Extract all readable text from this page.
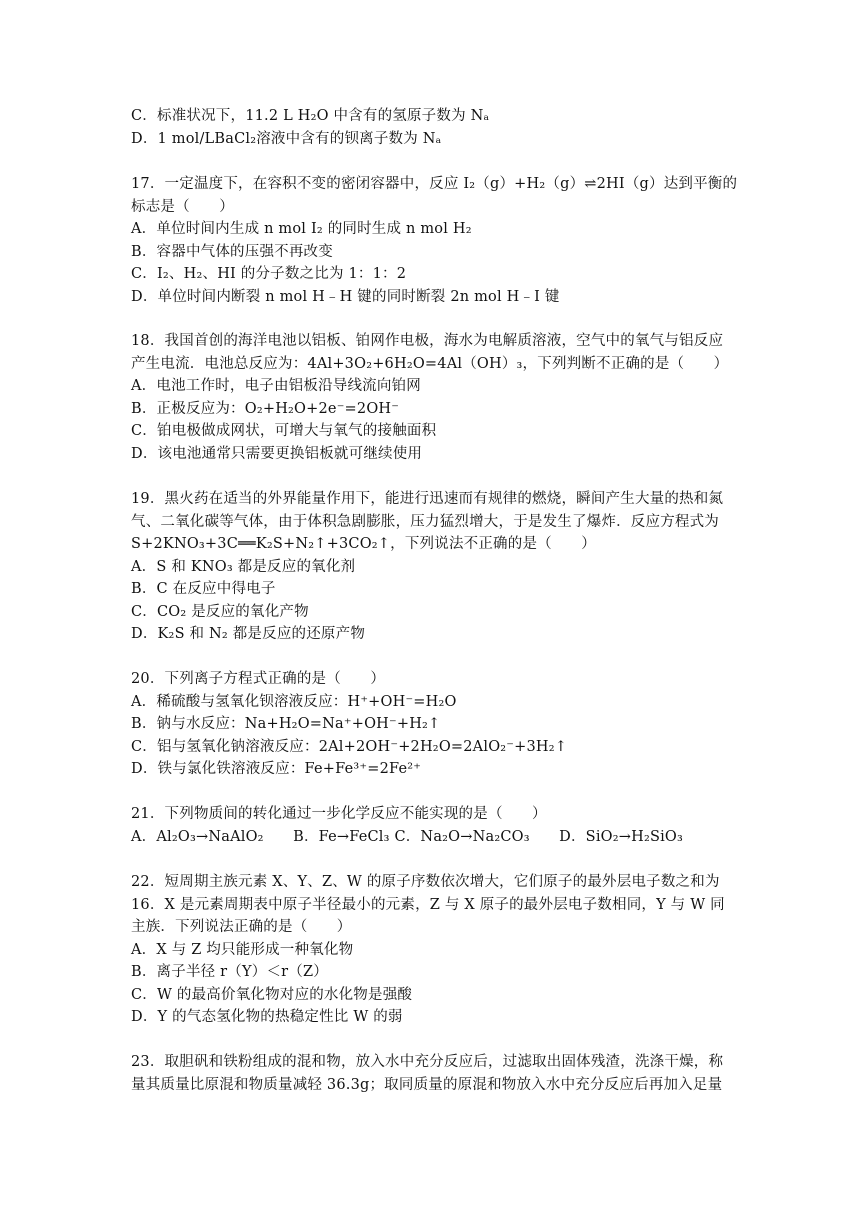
C．标准状况下，11.2 L H₂O 中含有的氢原子数为 Nₐ
D．1 mol/LBaCl₂溶液中含有的钡离子数为 Nₐ
17．一定温度下，在容积不变的密闭容器中，反应 I₂（g）+H₂（g）⇌2HI（g）达到平衡的
标志是（　　）
A．单位时间内生成 n mol I₂ 的同时生成 n mol H₂
B．容器中气体的压强不再改变
C．I₂、H₂、HI 的分子数之比为 1：1：2
D．单位时间内断裂 n mol H﹣H 键的同时断裂 2n mol H﹣I 键
18．我国首创的海洋电池以铝板、铂网作电极，海水为电解质溶液，空气中的氧气与铝反应
产生电流．电池总反应为：4Al+3O₂+6H₂O=4Al（OH）₃，下列判断不正确的是（　　）
A．电池工作时，电子由铝板沿导线流向铂网
B．正极反应为：O₂+H₂O+2e⁻=2OH⁻
C．铂电极做成网状，可增大与氧气的接触面积
D．该电池通常只需要更换铝板就可继续使用
19．黑火药在适当的外界能量作用下，能进行迅速而有规律的燃烧，瞬间产生大量的热和氮
气、二氧化碳等气体，由于体积急剧膨胀，压力猛烈增大，于是发生了爆炸．反应方程式为
S+2KNO₃+3C══K₂S+N₂↑+3CO₂↑，下列说法不正确的是（　　）
A．S 和 KNO₃ 都是反应的氧化剂
B．C 在反应中得电子
C．CO₂ 是反应的氧化产物
D．K₂S 和 N₂ 都是反应的还原产物
20．下列离子方程式正确的是（　　）
A．稀硫酸与氢氧化钡溶液反应：H⁺+OH⁻=H₂O
B．钠与水反应：Na+H₂O=Na⁺+OH⁻+H₂↑
C．铝与氢氧化钠溶液反应：2Al+2OH⁻+2H₂O=2AlO₂⁻+3H₂↑
D．铁与氯化铁溶液反应：Fe+Fe³⁺=2Fe²⁺
21．下列物质间的转化通过一步化学反应不能实现的是（　　）
A．Al₂O₃→NaAlO₂　　B．Fe→FeCl₃ C．Na₂O→Na₂CO₃　　D．SiO₂→H₂SiO₃
22．短周期主族元素 X、Y、Z、W 的原子序数依次增大，它们原子的最外层电子数之和为
16．X 是元素周期表中原子半径最小的元素，Z 与 X 原子的最外层电子数相同，Y 与 W 同
主族．下列说法正确的是（　　）
A．X 与 Z 均只能形成一种氧化物
B．离子半径 r（Y）＜r（Z）
C．W 的最高价氧化物对应的水化物是强酸
D．Y 的气态氢化物的热稳定性比 W 的弱
23．取胆矾和铁粉组成的混和物，放入水中充分反应后，过滤取出固体残渣，洗涤干燥，称
量其质量比原混和物质量减轻 36.3g；取同质量的原混和物放入水中充分反应后再加入足量
